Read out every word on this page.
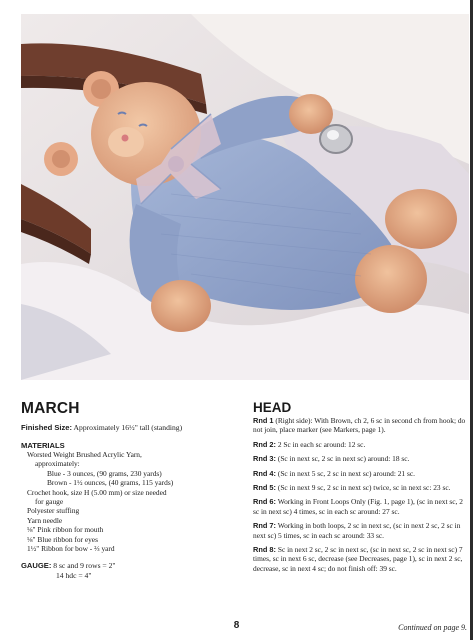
MARCH
Finished Size: Approximately 16½" tall (standing)
MATERIALS
Worsted Weight Brushed Acrylic Yarn,
approximately:
Blue - 3 ounces, (90 grams, 230 yards)
Brown - 1½ ounces, (40 grams, 115 yards)
Crochet hook, size H (5.00 mm) or size needed
for gauge
Polyester stuffing
Yarn needle
⅛" Pink ribbon for mouth
⅛" Blue ribbon for eyes
1½" Ribbon for bow - ⅔ yard
GAUGE: 8 sc and 9 rows = 2"
14 hdc = 4"
HEAD
Rnd 1 (Right side): With Brown, ch 2, 6 sc in second ch from hook; do not join, place marker (see Markers, page 1).
Rnd 2: 2 Sc in each sc around: 12 sc.
Rnd 3: (Sc in next sc, 2 sc in next sc) around: 18 sc.
Rnd 4: (Sc in next 5 sc, 2 sc in next sc) around: 21 sc.
Rnd 5: (Sc in next 9 sc, 2 sc in next sc) twice, sc in next sc: 23 sc.
Rnd 6: Working in Front Loops Only (Fig. 1, page 1), (sc in next sc, 2 sc in next sc) 4 times, sc in each sc around: 27 sc.
Rnd 7: Working in both loops, 2 sc in next sc, (sc in next 2 sc, 2 sc in next sc) 5 times, sc in each sc around: 33 sc.
Rnd 8: Sc in next 2 sc, 2 sc in next sc, (sc in next sc, 2 sc in next sc) 7 times, sc in next 6 sc, decrease (see Decreases, page 1), sc in next 2 sc, decrease, sc in next 4 sc; do not finish off: 39 sc.
8	Continued on page 9.
